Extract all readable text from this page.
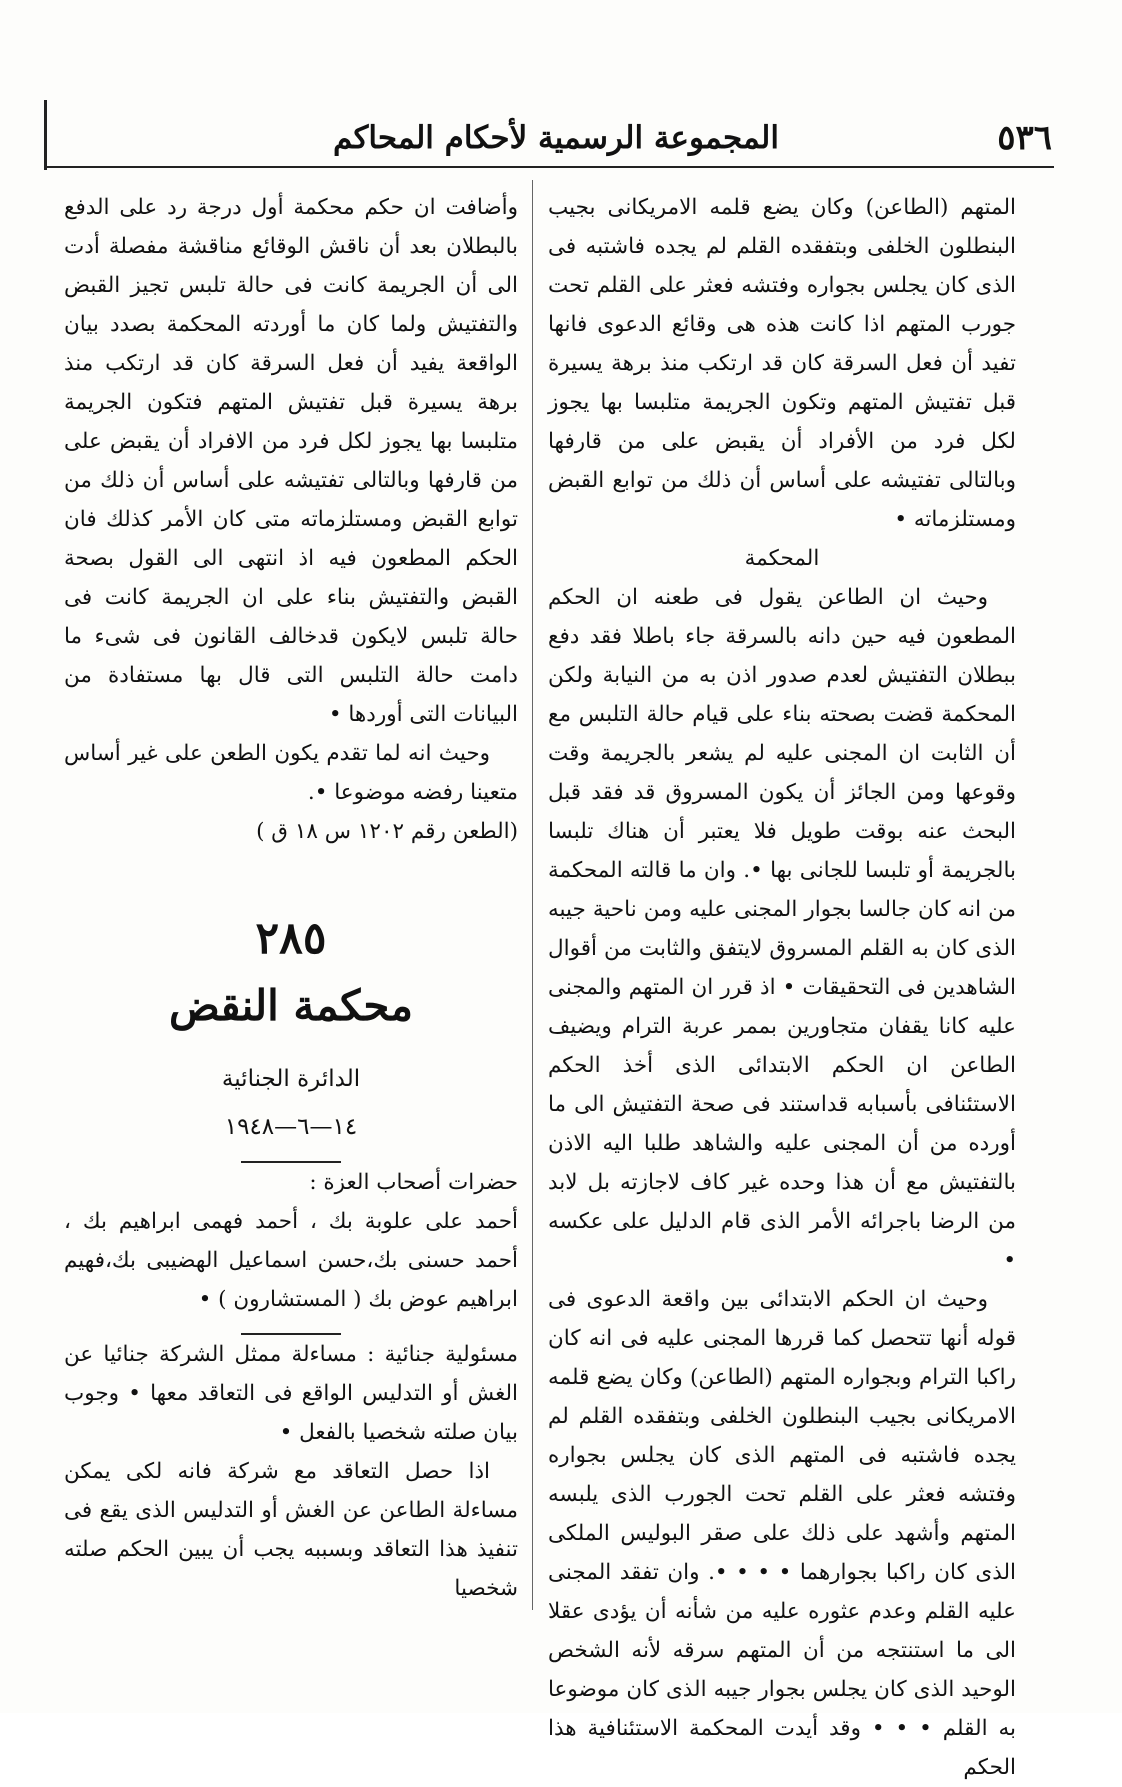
٥٣٦
المجموعة الرسمية لأحكام المحاكم

المتهم (الطاعن) وكان يضع قلمه الامريكانى بجيب البنطلون الخلفى وبتفقده القلم لم يجده فاشتبه فى الذى كان يجلس بجواره وفتشه فعثر على القلم تحت جورب المتهم اذا كانت هذه هى وقائع الدعوى فانها تفيد أن فعل السرقة كان قد ارتكب منذ برهة يسيرة قبل تفتيش المتهم وتكون الجريمة متلبسا بها يجوز لكل فرد من الأفراد أن يقبض على من قارفها وبالتالى تفتيشه على أساس أن ذلك من توابع القبض ومستلزماته •

المحكمة

وحيث ان الطاعن يقول فى طعنه ان الحكم المطعون فيه حين دانه بالسرقة جاء باطلا فقد دفع ببطلان التفتيش لعدم صدور اذن به من النيابة ولكن المحكمة قضت بصحته بناء على قيام حالة التلبس مع أن الثابت ان المجنى عليه لم يشعر بالجريمة وقت وقوعها ومن الجائز أن يكون المسروق قد فقد قبل البحث عنه بوقت طويل فلا يعتبر أن هناك تلبسا بالجريمة أو تلبسا للجانى بها •. وان ما قالته المحكمة من انه كان جالسا بجوار المجنى عليه ومن ناحية جيبه الذى كان به القلم المسروق لايتفق والثابت من أقوال الشاهدين فى التحقيقات • اذ قرر ان المتهم والمجنى عليه كانا يقفان متجاورين بممر عربة الترام ويضيف الطاعن ان الحكم الابتدائى الذى أخذ الحكم الاستئنافى بأسبابه قداستند فى صحة التفتيش الى ما أورده من أن المجنى عليه والشاهد طلبا اليه الاذن بالتفتيش مع أن هذا وحده غير كاف لاجازته بل لابد من الرضا باجرائه الأمر الذى قام الدليل على عكسه •

وحيث ان الحكم الابتدائى بين واقعة الدعوى فى قوله أنها تتحصل كما قررها المجنى عليه فى انه كان راكبا الترام وبجواره المتهم (الطاعن) وكان يضع قلمه الامريكانى بجيب البنطلون الخلفى وبتفقده القلم لم يجده فاشتبه فى المتهم الذى كان يجلس بجواره وفتشه فعثر على القلم تحت الجورب الذى يلبسه المتهم وأشهد على ذلك على صقر البوليس الملكى الذى كان راكبا بجوارهما • • • •. وان تفقد المجنى عليه القلم وعدم عثوره عليه من شأنه أن يؤدى عقلا الى ما استنتجه من أن المتهم سرقه لأنه الشخص الوحيد الذى كان يجلس بجوار جيبه الذى كان موضوعا به القلم • • • وقد أيدت المحكمة الاستئنافية هذا الحكم

وأضافت ان حكم محكمة أول درجة رد على الدفع بالبطلان بعد أن ناقش الوقائع مناقشة مفصلة أدت الى أن الجريمة كانت فى حالة تلبس تجيز القبض والتفتيش ولما كان ما أوردته المحكمة بصدد بيان الواقعة يفيد أن فعل السرقة كان قد ارتكب منذ برهة يسيرة قبل تفتيش المتهم فتكون الجريمة متلبسا بها يجوز لكل فرد من الافراد أن يقبض على من قارفها وبالتالى تفتيشه على أساس أن ذلك من توابع القبض ومستلزماته متى كان الأمر كذلك فان الحكم المطعون فيه اذ انتهى الى القول بصحة القبض والتفتيش بناء على ان الجريمة كانت فى حالة تلبس لايكون قدخالف القانون فى شىء ما دامت حالة التلبس التى قال بها مستفادة من البيانات التى أوردها •

وحيث انه لما تقدم يكون الطعن على غير أساس متعينا رفضه موضوعا •.

(الطعن رقم ١٢٠٢ س ١٨ ق )

٢٨٥
محكمة النقض
الدائرة الجنائية
١٤—٦—١٩٤٨

حضرات أصحاب العزة :

أحمد على علوبة بك ، أحمد فهمى ابراهيم بك ، أحمد حسنى بك،حسن اسماعيل الهضيبى بك،فهيم ابراهيم عوض بك ( المستشارون ) •

مسئولية جنائية : مساءلة ممثل الشركة جنائيا عن الغش أو التدليس الواقع فى التعاقد معها • وجوب بيان صلته شخصيا بالفعل •

اذا حصل التعاقد مع شركة فانه لكى يمكن مساءلة الطاعن عن الغش أو التدليس الذى يقع فى تنفيذ هذا التعاقد وبسببه يجب أن يبين الحكم صلته شخصيا
